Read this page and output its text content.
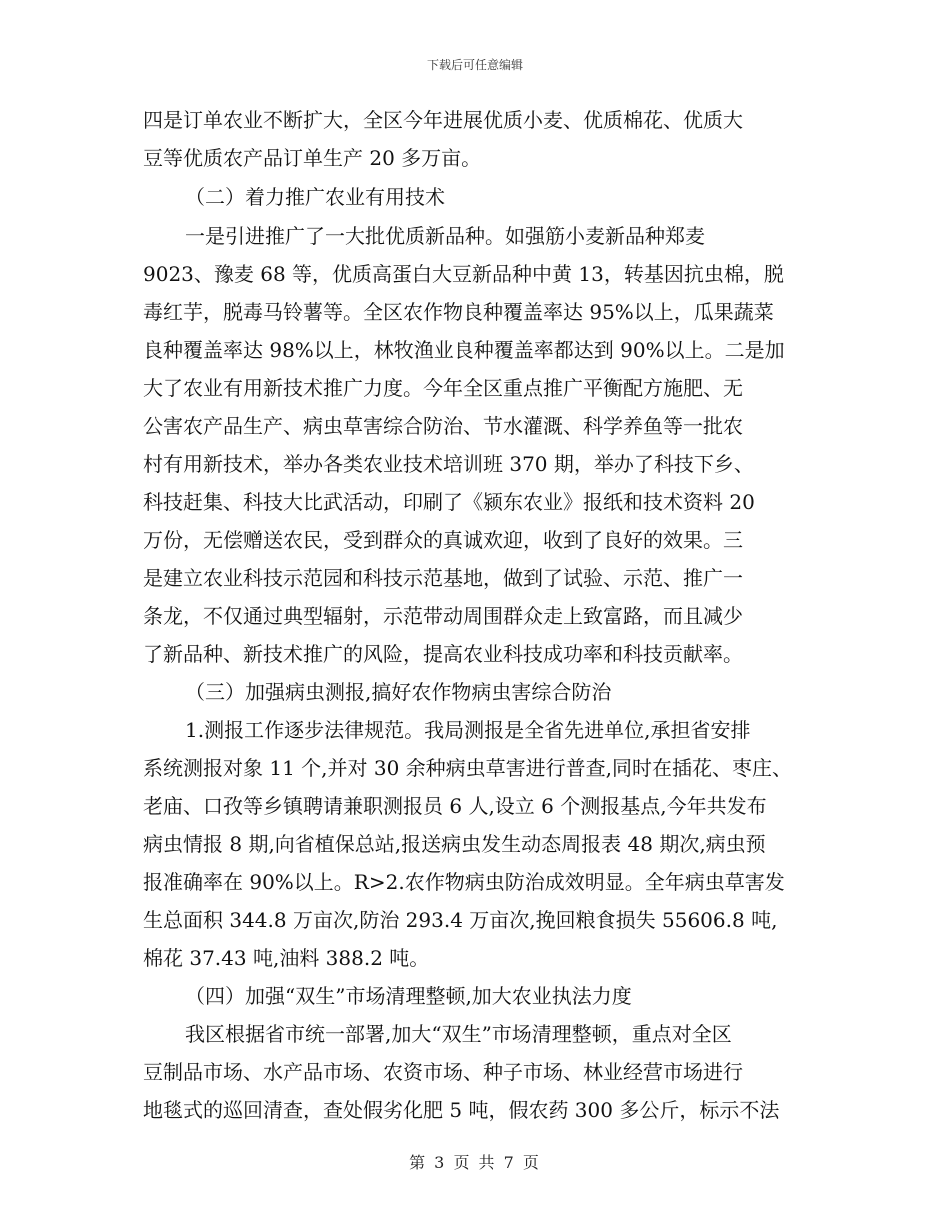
下载后可任意编辑
四是订单农业不断扩大，全区今年进展优质小麦、优质棉花、优质大
豆等优质农产品订单生产 20 多万亩。
（二）着力推广农业有用技术
一是引进推广了一大批优质新品种。如强筋小麦新品种郑麦
9023、豫麦 68 等，优质高蛋白大豆新品种中黄 13，转基因抗虫棉，脱
毒红芋，脱毒马铃薯等。全区农作物良种覆盖率达 95%以上，瓜果蔬菜
良种覆盖率达 98%以上，林牧渔业良种覆盖率都达到 90%以上。二是加
大了农业有用新技术推广力度。今年全区重点推广平衡配方施肥、无
公害农产品生产、病虫草害综合防治、节水灌溉、科学养鱼等一批农
村有用新技术，举办各类农业技术培训班 370 期，举办了科技下乡、
科技赶集、科技大比武活动，印刷了《颍东农业》报纸和技术资料 20
万份，无偿赠送农民，受到群众的真诚欢迎，收到了良好的效果。三
是建立农业科技示范园和科技示范基地，做到了试验、示范、推广一
条龙，不仅通过典型辐射，示范带动周围群众走上致富路，而且减少
了新品种、新技术推广的风险，提高农业科技成功率和科技贡献率。
（三）加强病虫测报,搞好农作物病虫害综合防治
1.测报工作逐步法律规范。我局测报是全省先进单位,承担省安排
系统测报对象 11 个,并对 30 余种病虫草害进行普查,同时在插花、枣庄、
老庙、口孜等乡镇聘请兼职测报员 6 人,设立 6 个测报基点,今年共发布
病虫情报 8 期,向省植保总站,报送病虫发生动态周报表 48 期次,病虫预
报准确率在 90%以上。R>2.农作物病虫防治成效明显。全年病虫草害发
生总面积 344.8 万亩次,防治 293.4 万亩次,挽回粮食损失 55606.8 吨,
棉花 37.43 吨,油料 388.2 吨。
（四）加强“双生”市场清理整顿,加大农业执法力度
我区根据省市统一部署,加大“双生”市场清理整顿，重点对全区
豆制品市场、水产品市场、农资市场、种子市场、林业经营市场进行
地毯式的巡回清查，查处假劣化肥 5 吨，假农药 300 多公斤，标示不法
第 3 页 共 7 页
